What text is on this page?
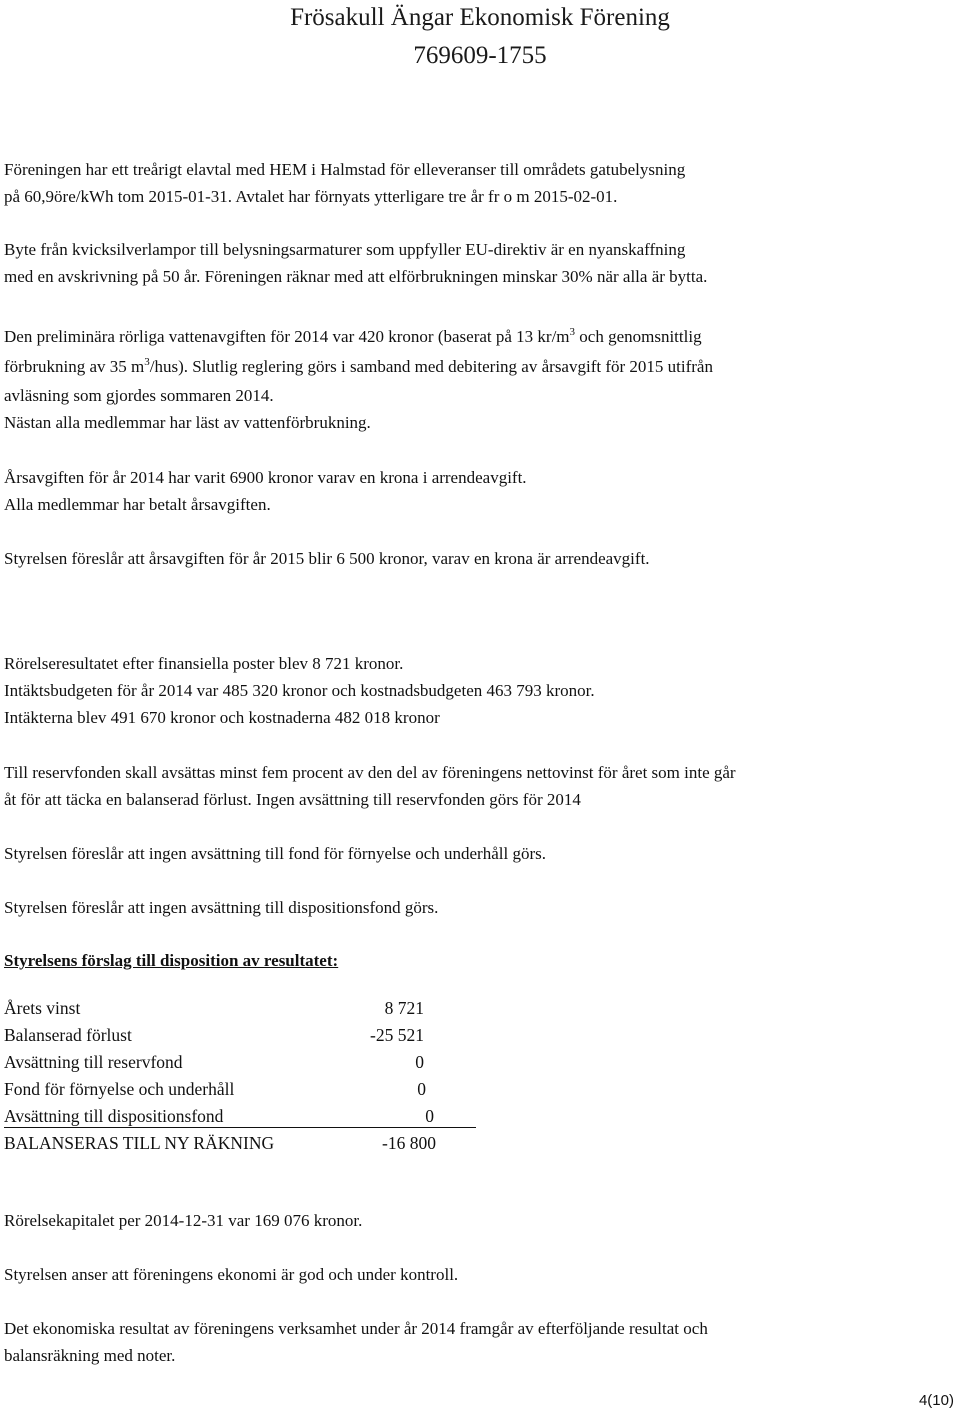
Frösakull Ängar Ekonomisk Förening
769609-1755
Föreningen har ett treårigt elavtal med HEM i Halmstad för elleveranser till områdets gatubelysning
på 60,9öre/kWh tom 2015-01-31. Avtalet har förnyats ytterligare tre år fr o m 2015-02-01.
Byte från kvicksilverlampor till belysningsarmaturer som uppfyller EU-direktiv är en nyanskaffning
med en avskrivning på 50 år. Föreningen räknar med att elförbrukningen minskar 30% när alla är bytta.
Den preliminära rörliga vattenavgiften för 2014 var 420 kronor (baserat på 13 $kr/m^3$ och genomsnittlig
förbrukning av 35 $m^3/hus$). Slutlig reglering görs i samband med debitering av årsavgift för 2015 utifrån
avläsning som gjordes sommaren 2014.
Nästan alla medlemmar har läst av vattenförbrukning.
Årsavgiften för år 2014 har varit 6900 kronor varav en krona i arrendeavgift.
Alla medlemmar har betalt årsavgiften.
Styrelsen föreslår att årsavgiften för år 2015 blir 6 500 kronor, varav en krona är arrendeavgift.
Rörelseresultatet efter finansiella poster blev 8 721 kronor.
Intäktsbudgeten för år 2014 var 485 320 kronor och kostnadsbudgeten 463 793 kronor.
Intäkterna blev 491 670 kronor och kostnaderna 482 018 kronor
Till reservfonden skall avsättas minst fem procent av den del av föreningens nettovinst för året som inte går
åt för att täcka en balanserad förlust. Ingen avsättning till reservfonden görs för 2014
Styrelsen föreslår att ingen avsättning till fond för förnyelse och underhåll görs.
Styrelsen föreslår att ingen avsättning till dispositionsfond görs.
Styrelsens förslag till disposition av resultatet:
Årets vinst	8 721
Balanserad förlust	-25 521
Avsättning till reservfond	0
Fond för förnyelse och underhåll	0
Avsättning till dispositionsfond	0
BALANSERAS TILL NY RÄKNING	-16 800
Rörelsekapitalet per 2014-12-31 var 169 076 kronor.
Styrelsen anser att föreningens ekonomi är god och under kontroll.
Det ekonomiska resultat av föreningens verksamhet under år 2014 framgår av efterföljande resultat och
balansräkning med noter.
4(10)
